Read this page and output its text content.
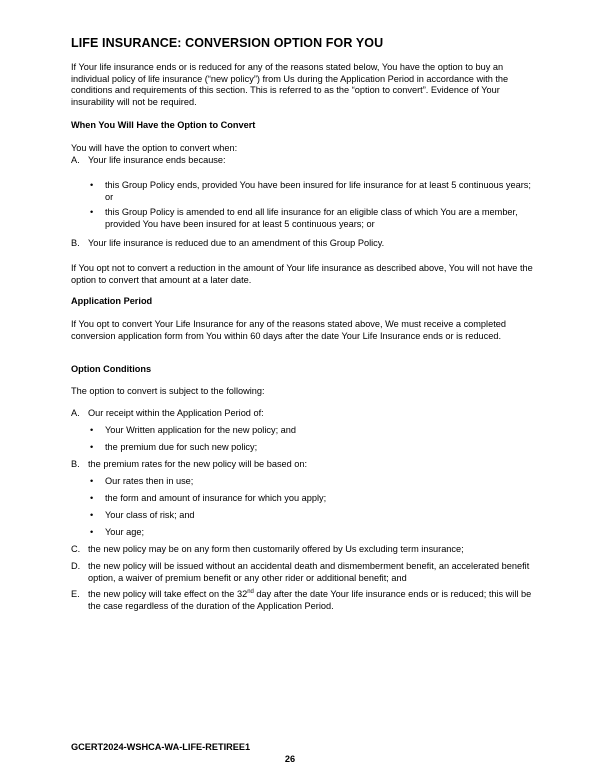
LIFE INSURANCE: CONVERSION OPTION FOR YOU

If Your life insurance ends or is reduced for any of the reasons stated below, You have the option to buy an individual policy of life insurance (“new policy”) from Us during the Application Period in accordance with the conditions and requirements of this section. This is referred to as the “option to convert”. Evidence of Your insurability will not be required.

When You Will Have the Option to Convert

You will have the option to convert when:

A. Your life insurance ends because:
• this Group Policy ends, provided You have been insured for life insurance for at least 5 continuous years; or
• this Group Policy is amended to end all life insurance for an eligible class of which You are a member, provided You have been insured for at least 5 continuous years; or
B. Your life insurance is reduced due to an amendment of this Group Policy.

If You opt not to convert a reduction in the amount of Your life insurance as described above, You will not have the option to convert that amount at a later date.

Application Period

If You opt to convert Your Life Insurance for any of the reasons stated above, We must receive a completed conversion application form from You within 60 days after the date Your Life Insurance ends or is reduced.

Option Conditions

The option to convert is subject to the following:

A. Our receipt within the Application Period of:
• Your Written application for the new policy; and
• the premium due for such new policy;
B. the premium rates for the new policy will be based on:
• Our rates then in use;
• the form and amount of insurance for which you apply;
• Your class of risk; and
• Your age;
C. the new policy may be on any form then customarily offered by Us excluding term insurance;
D. the new policy will be issued without an accidental death and dismemberment benefit, an accelerated benefit option, a waiver of premium benefit or any other rider or additional benefit; and
E. the new policy will take effect on the 32nd day after the date Your life insurance ends or is reduced; this will be the case regardless of the duration of the Application Period.
GCERT2024-WSHCA-WA-LIFE-RETIREE1
26
